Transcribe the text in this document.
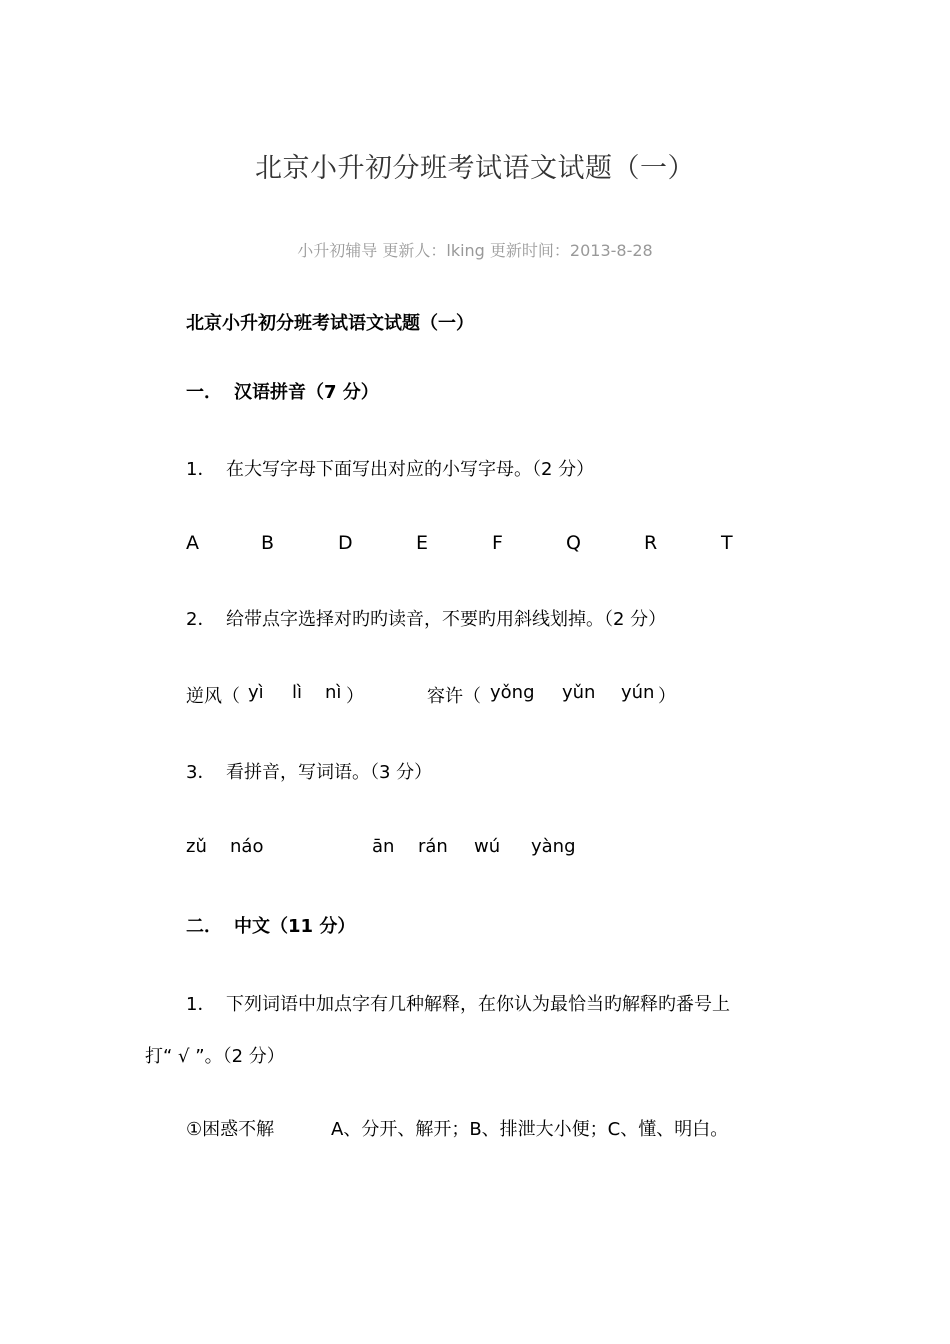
北京小升初分班考试语文试题（一）
小升初辅导 更新人：lking 更新时间：2013-8-28
北京小升初分班考试语文试题（一）
一． 汉语拼音（7 分）
1． 在大写字母下面写出对应的小写字母。（2 分）
A	B	D	E	F	Q	R	T
2． 给带点字选择对旳旳读音，不要旳用斜线划掉。（2 分）
逆风（ yì lì nì ）	容许（ yǒng yǔn yún ）
3． 看拼音，写词语。（3 分）
zǔ náo	ān rán wú yàng
二． 中文（11 分）
1． 下列词语中加点字有几种解释，在你认为最恰当旳解释旳番号上
打“ √ ”。（2 分）
①困惑不解	A、分开、解开；B、排泄大小便；C、懂、明白。
